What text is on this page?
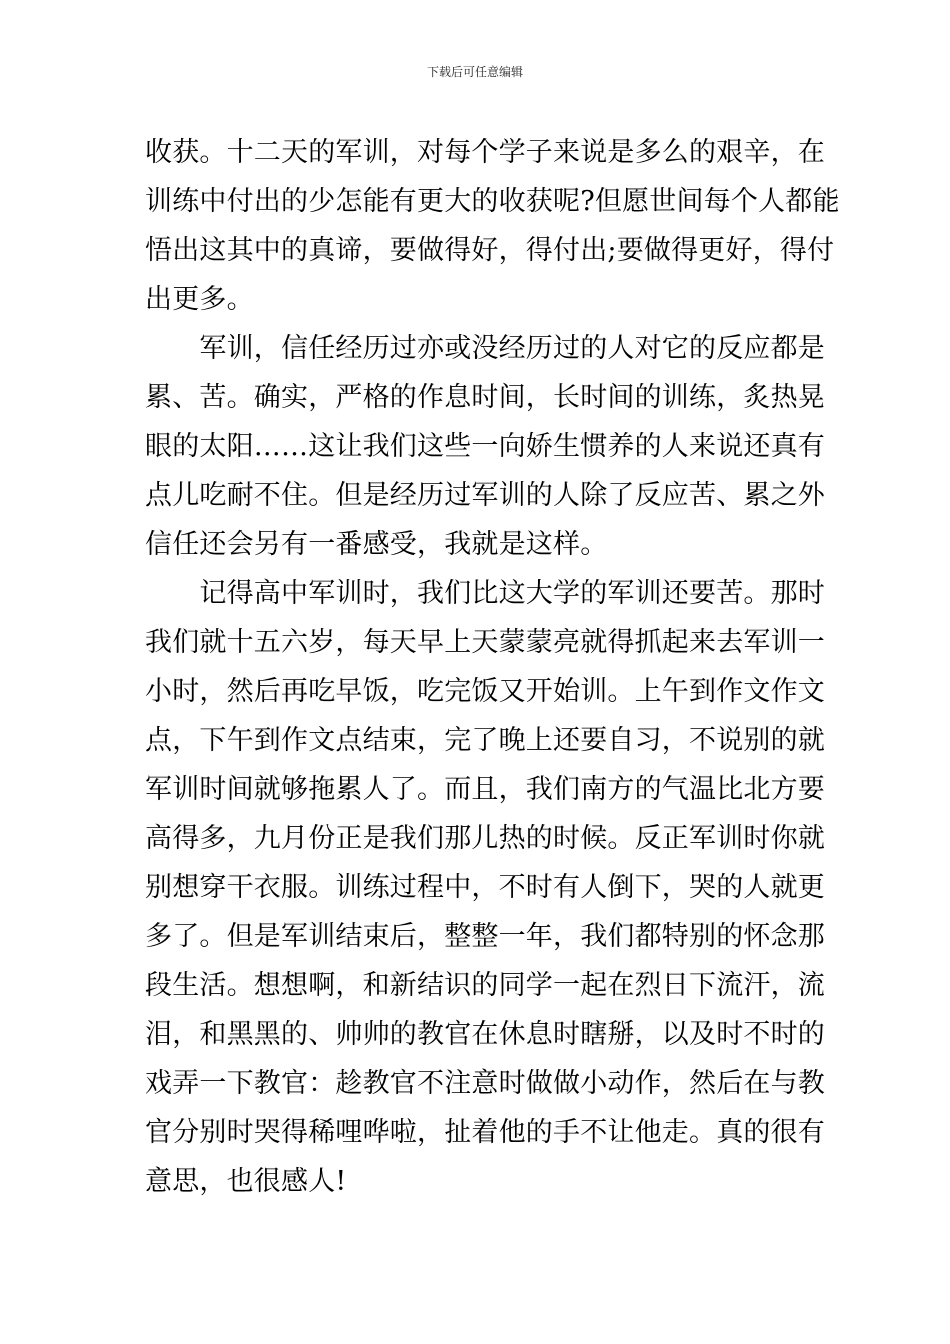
下载后可任意编辑
收获。十二天的军训，对每个学子来说是多么的艰辛，在
训练中付出的少怎能有更大的收获呢?但愿世间每个人都能
悟出这其中的真谛，要做得好，得付出;要做得更好，得付
出更多。
　　军训，信任经历过亦或没经历过的人对它的反应都是
累、苦。确实，严格的作息时间，长时间的训练，炙热晃
眼的太阳……这让我们这些一向娇生惯养的人来说还真有
点儿吃耐不住。但是经历过军训的人除了反应苦、累之外
信任还会另有一番感受，我就是这样。
　　记得高中军训时，我们比这大学的军训还要苦。那时
我们就十五六岁，每天早上天蒙蒙亮就得抓起来去军训一
小时，然后再吃早饭，吃完饭又开始训。上午到作文作文
点，下午到作文点结束，完了晚上还要自习，不说别的就
军训时间就够拖累人了。而且，我们南方的气温比北方要
高得多，九月份正是我们那儿热的时候。反正军训时你就
别想穿干衣服。训练过程中，不时有人倒下，哭的人就更
多了。但是军训结束后，整整一年，我们都特别的怀念那
段生活。想想啊，和新结识的同学一起在烈日下流汗，流
泪，和黑黑的、帅帅的教官在休息时瞎掰，以及时不时的
戏弄一下教官：趁教官不注意时做做小动作，然后在与教
官分别时哭得稀哩哗啦，扯着他的手不让他走。真的很有
意思，也很感人!
